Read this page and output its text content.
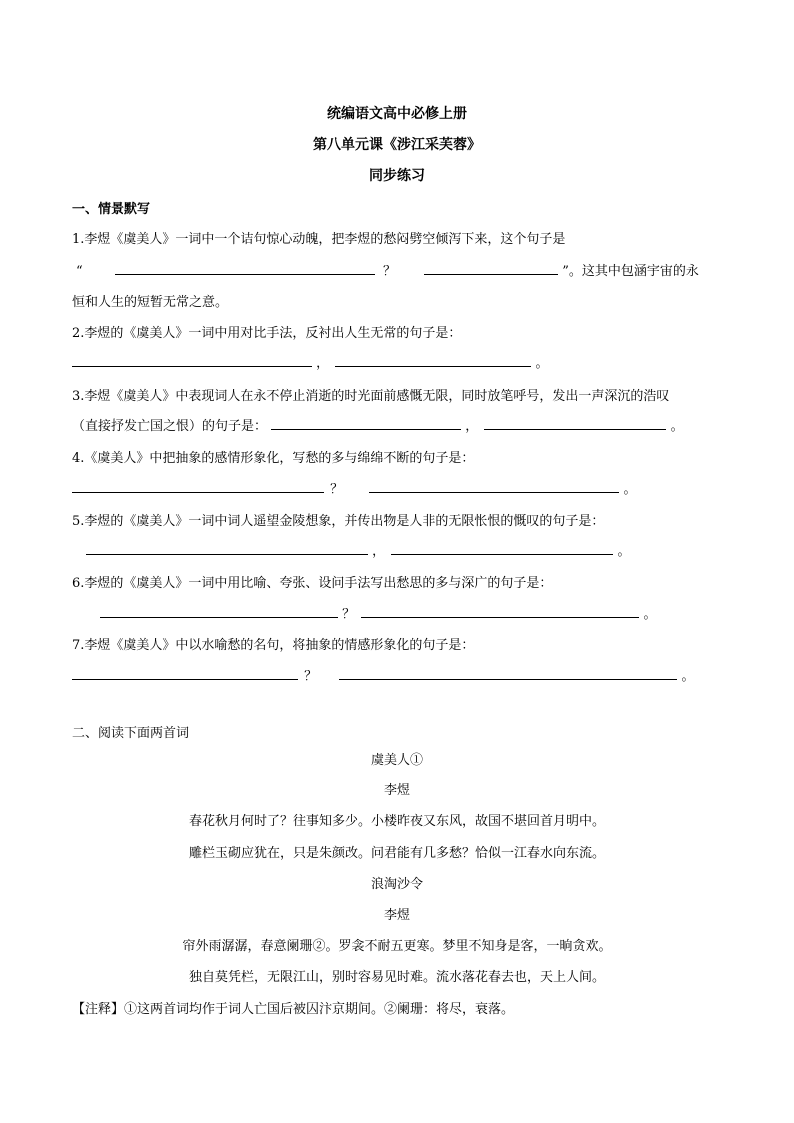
统编语文高中必修上册
第八单元课《涉江采芙蓉》
同步练习
一、情景默写
1.李煜《虞美人》一词中一个诘句惊心动魄，把李煜的愁闷劈空倾泻下来，这个句子是
“	？	”。这其中包涵宇宙的永
恒和人生的短暂无常之意。
2.李煜的《虞美人》一词中用对比手法，反衬出人生无常的句子是：
，	。
3.李煜《虞美人》中表现词人在永不停止消逝的时光面前感慨无限，同时放笔呼号，发出一声深沉的浩叹
（直接抒发亡国之恨）的句子是：	，	。
4.《虞美人》中把抽象的感情形象化，写愁的多与绵绵不断的句子是：
？	。
5.李煜的《虞美人》一词中词人遥望金陵想象，并传出物是人非的无限怅恨的慨叹的句子是：
，	。
6.李煜的《虞美人》一词中用比喻、夸张、设问手法写出愁思的多与深广的句子是：
？	。
7.李煜《虞美人》中以水喻愁的名句，将抽象的情感形象化的句子是：
？	。
二、阅读下面两首词
虞美人①
李煜
春花秋月何时了？往事知多少。小楼昨夜又东风，故国不堪回首月明中。
雕栏玉砌应犹在，只是朱颜改。问君能有几多愁？恰似一江春水向东流。
浪淘沙令
李煜
帘外雨潺潺，春意阑珊②。罗衾不耐五更寒。梦里不知身是客，一晌贪欢。
独自莫凭栏，无限江山，别时容易见时难。流水落花春去也，天上人间。
【注释】①这两首词均作于词人亡国后被囚汴京期间。②阑珊：将尽，衰落。
